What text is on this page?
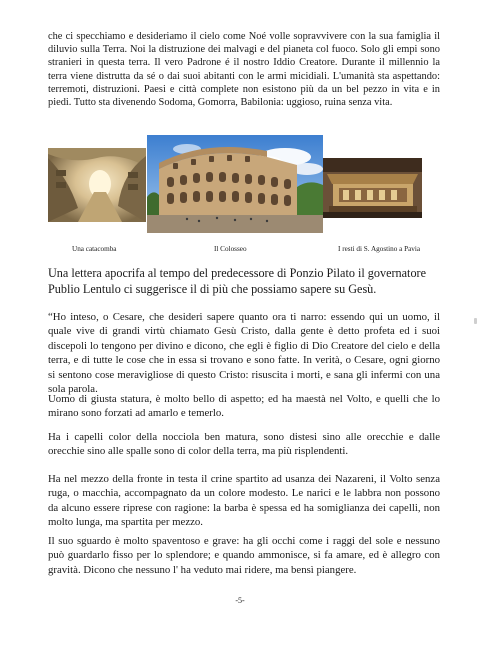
che ci specchiamo e desideriamo il cielo come Noé volle sopravvivere con la sua famiglia il diluvio sulla Terra. Noi la distruzione dei malvagi e del pianeta col fuoco. Solo gli empi sono stranieri in questa terra. Il vero Padrone é il nostro Iddio Creatore. Durante il millennio la terra viene distrutta da sé o dai suoi abitanti con le armi micidiali. L'umanità sta aspettando: terremoti, distruzioni. Paesi e città complete non esistono più da un bel pezzo in vita e in piedi. Tutto sta divenendo Sodoma, Gomorra, Babilonia: uggioso, ruina senza vita.

Una catacomba	Il Colosseo	I resti di S. Agostino a Pavia

Una lettera apocrifa al tempo del predecessore di Ponzio Pilato il governatore Publio Lentulo ci suggerisce il di più che possiamo sapere su Gesù.

“Ho inteso, o Cesare, che desideri sapere quanto ora ti narro: essendo qui un uomo, il quale vive di grandi virtù chiamato Gesù Cristo, dalla gente è detto profeta ed i suoi discepoli lo tengono per divino e dicono, che egli è figlio di Dio Creatore del cielo e della terra, e di tutte le cose che in essa si trovano e sono fatte. In verità, o Cesare, ogni giorno si sentono cose meravigliose di questo Cristo: risuscita i morti, e sana gli infermi con una sola parola.

Uomo di giusta statura, è molto bello di aspetto; ed ha maestà nel Volto, e quelli che lo mirano sono forzati ad amarlo e temerlo.

Ha i capelli color della nocciola ben matura, sono distesi sino alle orecchie e dalle orecchie sino alle spalle sono di color della terra, ma più risplendenti.

Ha nel mezzo della fronte in testa il crine spartito ad usanza dei Nazareni, il Volto senza ruga, o macchia, accompagnato da un colore modesto. Le narici e le labbra non possono da alcuno essere riprese con ragione: la barba è spessa ed ha somiglianza dei capelli, non molto lunga, ma spartita per mezzo.

Il suo sguardo è molto spaventoso e grave: ha gli occhi come i raggi del sole e nessuno può guardarlo fisso per lo splendore; e quando ammonisce, si fa amare, ed è allegro con gravità. Dicono che nessuno l' ha veduto mai ridere, ma bensì piangere.

-5-
